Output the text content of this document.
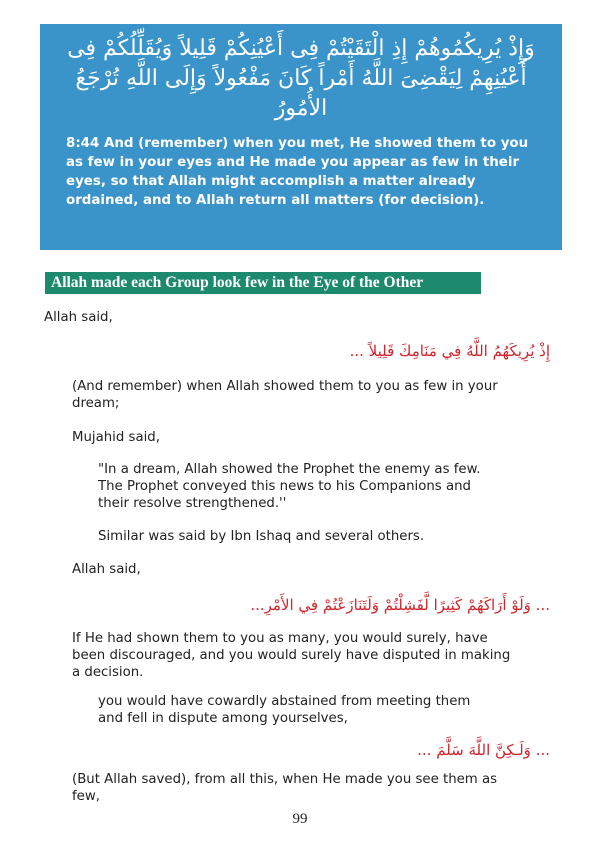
وَإِذْ يُرِيكُمُوهُمْ إِذِ الْتَقَيْتُمْ فِى أَعْيُنِكُمْ قَلِيلاً وَيُقَلِّلُكُمْ فِى أَعْيُنِهِمْ لِيَقْضِىَ اللَّهُ أَمْراً كَانَ مَفْعُولاً وَإِلَى اللَّهِ تُرْجَعُ الأُمُورُ

8:44 And (remember) when you met, He showed them to you as few in your eyes and He made you appear as few in their eyes, so that Allah might accomplish a matter already ordained, and to Allah return all matters (for decision).

Allah made each Group look few in the Eye of the Other

Allah said,

إِذْ يُرِيكَهُمُ اللَّهُ فِي مَنَامِكَ قَلِيلاً ...

(And remember) when Allah showed them to you as few in your dream;

Mujahid said,

"In a dream, Allah showed the Prophet the enemy as few. The Prophet conveyed this news to his Companions and their resolve strengthened.''

Similar was said by Ibn Ishaq and several others.

Allah said,

... وَلَوْ أَرَاكَهُمْ كَثِيرًا لَّفَشِلْتُمْ وَلَتَنَازَعْتُمْ فِي الأَمْرِ...

If He had shown them to you as many, you would surely, have been discouraged, and you would surely have disputed in making a decision.

you would have cowardly abstained from meeting them and fell in dispute among yourselves,

... وَلَـكِنَّ اللَّهَ سَلَّمَ ...

(But Allah saved), from all this, when He made you see them as few,

99
